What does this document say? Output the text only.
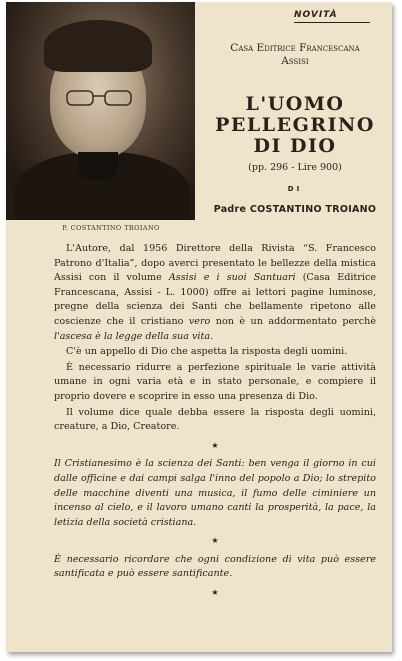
P. COSTANTINO TROIANO
NOVITÀ
Casa Editrice Francescana
Assisi
L'UOMO
PELLEGRINO
DI DIO
(pp. 296 - Lire 900)
DI
Padre COSTANTINO TROIANO

L'Autore, dal 1956 Direttore della Rivista “S. Francesco Patrono d'Italia”, dopo averci presentato le bellezze della mistica Assisi con il volume Assisi e i suoi Santuari (Casa Editrice Francescana, Assisi - L. 1000) offre ai lettori pagine luminose, pregne della scienza dei Santi che bellamente ripetono alle coscienze che il cristiano vero non è un addormentato perchè l'ascesa è la legge della sua vita.

C'è un appello di Dio che aspetta la risposta degli uomini.

È necessario ridurre a perfezione spirituale le varie attività umane in ogni varia età e in stato personale, e compiere il proprio dovere e scoprire in esso una presenza di Dio.

Il volume dice quale debba essere la risposta degli uomini, creature, a Dio, Creatore.

★

Il Cristianesimo è la scienza dei Santi: ben venga il giorno in cui dalle officine e dai campi salga l'inno del popolo a Dio; lo strepito delle macchine diventi una musica, il fumo delle ciminiere un incenso al cielo, e il lavoro umano canti la prosperità, la pace, la letizia della società cristiana.

★

È necessario ricordare che ogni condizione di vita può essere santificata e può essere santificante.

★
